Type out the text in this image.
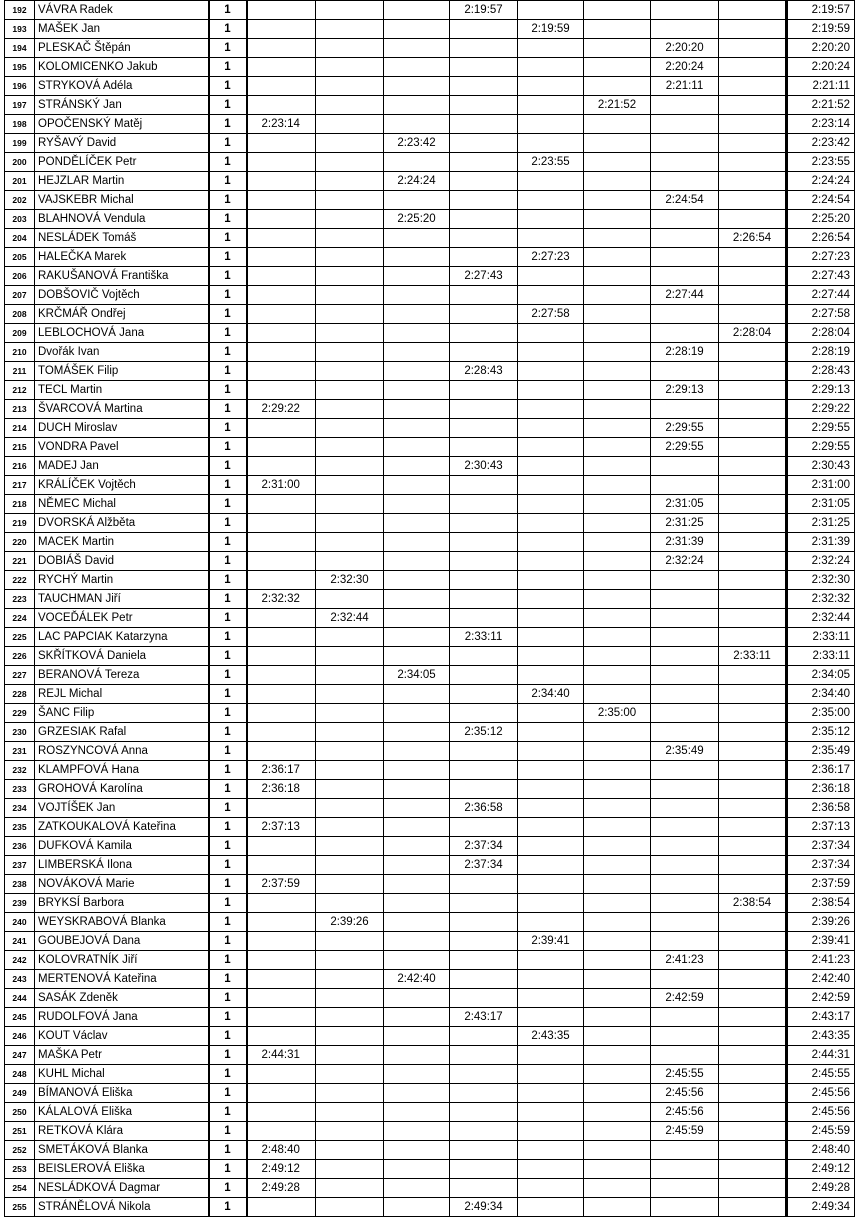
192	VÁVRA Radek	1				2:19:57						2:19:57
193	MAŠEK Jan	1					2:19:59					2:19:59
194	PLESKAČ Štěpán	1							2:20:20			2:20:20
195	KOLOMICENKO Jakub	1							2:20:24			2:20:24
196	STRYKOVÁ Adéla	1							2:21:11			2:21:11
197	STRÁNSKÝ Jan	1						2:21:52				2:21:52
198	OPOČENSKÝ Matěj	1	2:23:14									2:23:14
199	RYŠAVÝ David	1			2:23:42							2:23:42
200	PONDĚLÍČEK Petr	1					2:23:55					2:23:55
201	HEJZLAR Martin	1			2:24:24							2:24:24
202	VAJSKEBR Michal	1							2:24:54			2:24:54
203	BLAHNOVÁ Vendula	1			2:25:20							2:25:20
204	NESLÁDEK Tomáš	1								2:26:54		2:26:54
205	HALEČKA Marek	1					2:27:23					2:27:23
206	RAKUŠANOVÁ Františka	1				2:27:43						2:27:43
207	DOBŠOVIČ Vojtěch	1							2:27:44			2:27:44
208	KRČMÁŘ Ondřej	1					2:27:58					2:27:58
209	LEBLOCHOVÁ Jana	1								2:28:04		2:28:04
210	Dvořák Ivan	1							2:28:19			2:28:19
211	TOMÁŠEK Filip	1				2:28:43						2:28:43
212	TECL Martin	1							2:29:13			2:29:13
213	ŠVARCOVÁ Martina	1	2:29:22									2:29:22
214	DUCH Miroslav	1							2:29:55			2:29:55
215	VONDRA Pavel	1							2:29:55			2:29:55
216	MADEJ Jan	1				2:30:43						2:30:43
217	KRÁLÍČEK Vojtěch	1	2:31:00									2:31:00
218	NĚMEC Michal	1							2:31:05			2:31:05
219	DVORSKÁ Alžběta	1							2:31:25			2:31:25
220	MACEK Martin	1							2:31:39			2:31:39
221	DOBIÁŠ David	1							2:32:24			2:32:24
222	RYCHÝ Martin	1		2:32:30								2:32:30
223	TAUCHMAN Jiří	1	2:32:32									2:32:32
224	VOCEĎÁLEK Petr	1		2:32:44								2:32:44
225	LAC PAPCIAK Katarzyna	1				2:33:11						2:33:11
226	SKŘÍTKOVÁ Daniela	1								2:33:11		2:33:11
227	BERANOVÁ Tereza	1			2:34:05							2:34:05
228	REJL Michal	1					2:34:40					2:34:40
229	ŠANC Filip	1						2:35:00				2:35:00
230	GRZESIAK Rafal	1				2:35:12						2:35:12
231	ROSZYNCOVÁ Anna	1							2:35:49			2:35:49
232	KLAMPFOVÁ Hana	1	2:36:17									2:36:17
233	GROHOVÁ Karolína	1	2:36:18									2:36:18
234	VOJTÍŠEK Jan	1				2:36:58						2:36:58
235	ZATKOUKALOVÁ Kateřina	1	2:37:13									2:37:13
236	DUFKOVÁ Kamila	1				2:37:34						2:37:34
237	LIMBERSKÁ Ilona	1				2:37:34						2:37:34
238	NOVÁKOVÁ Marie	1	2:37:59									2:37:59
239	BRYKSÍ Barbora	1								2:38:54		2:38:54
240	WEYSKRABOVÁ Blanka	1		2:39:26								2:39:26
241	GOUBEJOVÁ Dana	1					2:39:41					2:39:41
242	KOLOVRATNÍK Jiří	1							2:41:23			2:41:23
243	MERTENOVÁ Kateřina	1			2:42:40							2:42:40
244	SASÁK Zdeněk	1							2:42:59			2:42:59
245	RUDOLFOVÁ Jana	1				2:43:17						2:43:17
246	KOUT Václav	1					2:43:35					2:43:35
247	MAŠKA Petr	1	2:44:31									2:44:31
248	KUHL Michal	1							2:45:55			2:45:55
249	BÍMANOVÁ Eliška	1							2:45:56			2:45:56
250	KÁLALOVÁ Eliška	1							2:45:56			2:45:56
251	RETKOVÁ Klára	1							2:45:59			2:45:59
252	SMETÁKOVÁ Blanka	1	2:48:40									2:48:40
253	BEISLEROVÁ Eliška	1	2:49:12									2:49:12
254	NESLÁDKOVÁ Dagmar	1	2:49:28									2:49:28
255	STRÁNĚLOVÁ Nikola	1				2:49:34						2:49:34
